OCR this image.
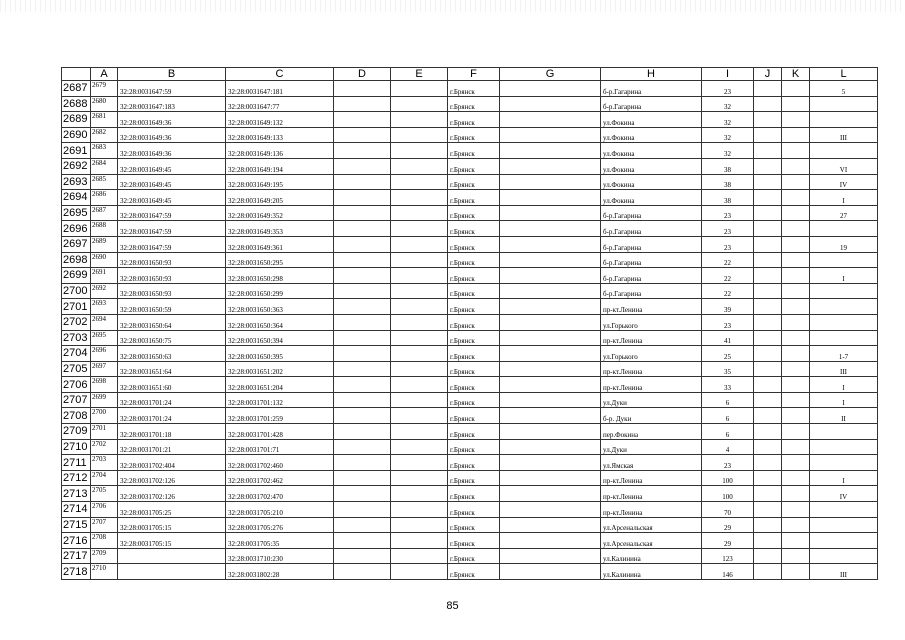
	A	B	C	D	E	F	G	H	I	J	K	L
2687	2679	32:28:0031647:59	32:28:0031647:181			г.Брянск		б-р.Гагарина	23			5
2688	2680	32:28:0031647:183	32:28:0031647:77			г.Брянск		б-р.Гагарина	32			
2689	2681	32:28:0031649:36	32:28:0031649:132			г.Брянск		ул.Фокина	32			
2690	2682	32:28:0031649:36	32:28:0031649:133			г.Брянск		ул.Фокина	32			III
2691	2683	32:28:0031649:36	32:28:0031649:136			г.Брянск		ул.Фокина	32			
2692	2684	32:28:0031649:45	32:28:0031649:194			г.Брянск		ул.Фокина	38			VI
2693	2685	32:28:0031649:45	32:28:0031649:195			г.Брянск		ул.Фокина	38			IV
2694	2686	32:28:0031649:45	32:28:0031649:205			г.Брянск		ул.Фокина	38			I
2695	2687	32:28:0031647:59	32:28:0031649:352			г.Брянск		б-р.Гагарина	23			27
2696	2688	32:28:0031647:59	32:28:0031649:353			г.Брянск		б-р.Гагарина	23			
2697	2689	32:28:0031647:59	32:28:0031649:361			г.Брянск		б-р.Гагарина	23			19
2698	2690	32:28:0031650:93	32:28:0031650:295			г.Брянск		б-р.Гагарина	22			
2699	2691	32:28:0031650:93	32:28:0031650:298			г.Брянск		б-р.Гагарина	22			I
2700	2692	32:28:0031650:93	32:28:0031650:299			г.Брянск		б-р.Гагарина	22			
2701	2693	32:28:0031650:59	32:28:0031650:363			г.Брянск		пр-кт.Ленина	39			
2702	2694	32:28:0031650:64	32:28:0031650:364			г.Брянск		ул.Горького	23			
2703	2695	32:28:0031650:75	32:28:0031650:394			г.Брянск		пр-кт.Ленина	41			
2704	2696	32:28:0031650:63	32:28:0031650:395			г.Брянск		ул.Горького	25			1-7
2705	2697	32:28:0031651:64	32:28:0031651:202			г.Брянск		пр-кт.Ленина	35			III
2706	2698	32:28:0031651:60	32:28:0031651:204			г.Брянск		пр-кт.Ленина	33			I
2707	2699	32:28:0031701:24	32:28:0031701:132			г.Брянск		ул.Дуки	6			I
2708	2700	32:28:0031701:24	32:28:0031701:259			г.Брянск		б-р. Дуки	6			II
2709	2701	32:28:0031701:18	32:28:0031701:428			г.Брянск		пер.Фокина	6			
2710	2702	32:28:0031701:21	32:28:0031701:71			г.Брянск		ул.Дуки	4			
2711	2703	32:28:0031702:404	32:28:0031702:460			г.Брянск		ул.Ямская	23			
2712	2704	32:28:0031702:126	32:28:0031702:462			г.Брянск		пр-кт.Ленина	100			I
2713	2705	32:28:0031702:126	32:28:0031702:470			г.Брянск		пр-кт.Ленина	100			IV
2714	2706	32:28:0031705:25	32:28:0031705:210			г.Брянск		пр-кт.Ленина	70			
2715	2707	32:28:0031705:15	32:28:0031705:276			г.Брянск		ул.Арсенальская	29			
2716	2708	32:28:0031705:15	32:28:0031705:35			г.Брянск		ул.Арсенальская	29			
2717	2709		32:28:0031710:230			г.Брянск		ул.Калинина	123			
2718	2710		32:28:0031802:28			г.Брянск		ул.Калинина	146			III
85
